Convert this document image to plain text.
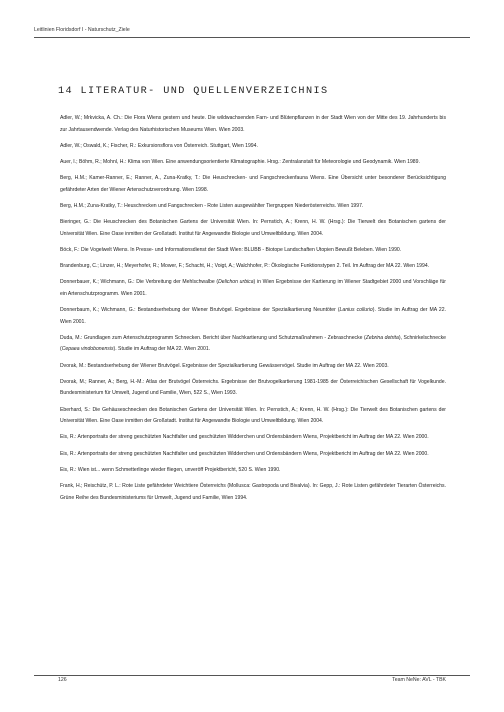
Leitlinien Floridsdorf I - Naturschutz_Ziele
14 LITERATUR- UND QUELLENVERZEICHNIS
Adler, W.; Mrkvicka, A. Ch.: Die Flora Wiens gestern und heute. Die wildwachsenden Farn- und Blütenpflanzen in der Stadt Wien von der Mitte des 19. Jahrhunderts bis zur Jahrtausendwende. Verlag des Naturhistorischen Museums Wien. Wien 2003.
Adler, W.; Oswald, K.; Fischer, R.: Exkursionsflora von Österreich. Stuttgart, Wien 1994.
Auer, I.; Böhm, R.; Mohnl, H.: Klima von Wien. Eine anwendungsorientierte Klimatographie. Hrsg.: Zentralanstalt für Meteorologie und Geodynamik. Wien 1989.
Berg, H.M.; Kamer-Ranner, E.; Ranner, A., Zuna-Kratky, T.: Die Heuschrecken- und Fangschreckenfauna Wiens. Eine Übersicht unter besonderer Berücksichtigung gefährdeter Arten der Wiener Artenschutzverordnung. Wien 1998.
Berg, H.M.; Zuna-Kratky, T.: Heuschrecken und Fangschrecken - Rote Listen ausgewählter Tiergruppen Niederösterreichs. Wien 1997.
Bieringer, G.: Die Heuschrecken des Botanischen Gartens der Universität Wien. In: Pernstich, A.; Krenn, H. W. (Hrsg.): Die Tierwelt des Botanischen gartens der Universität Wien. Eine Oase inmitten der Großstadt. Institut für Angewandte Biologie und Umweltbildung. Wien 2004.
Böck, F.: Die Vogelwelt Wiens. In Presse- und Informationsdienst der Stadt Wien: BLUBB - Biotope Landschaften Utopien Bewußt Beleben. Wien 1990.
Brandenburg, C.; Linzer, H.; Meyerhofer, R.; Mower, F.; Schacht, H.; Voigt, A.; Walchhofer, P.: Ökologische Funktionstypen 2. Teil. Im Auftrag der MA 22. Wien 1994.
Donnerbauer, K.; Wichmann, G.: Die Verbreitung der Mehlschwalbe (Delichon urbica) in Wien Ergebnisse der Kartierung im Wiener Stadtgebiet 2000 und Vorschläge für ein Artenschutzprogramm. Wien 2001.
Donnerbaum, K.; Wichmann, G.: Bestandserhebung der Wiener Brutvögel. Ergebnisse der Spezialkartierung Neuntöter (Lanius collurio). Studie im Auftrag der MA 22. Wien 2001.
Duda, M.: Grundlagen zum Artenschutzprogramm Schnecken. Bericht über Nachkartierung und Schutzmaßnahmen - Zebraschnecke (Zebrina detrita), Schnirkelschnecke (Cepaea vindobonensis). Studie im Auftrag der MA 22. Wien 2001.
Dvorak, M.: Bestandserhebung der Wiener Brutvögel. Ergebnisse der Spezialkartierung Gewässervögel. Studie im Auftrag der MA 22. Wien 2003.
Dvorak, M.; Ranner, A.; Berg, H.-M.: Atlas der Brutvögel Österreichs. Ergebnisse der Brutvogelkartierung 1981-1985 der Österreichischen Gesellschaft für Vogelkunde. Bundesministerium für Umwelt, Jugend und Familie, Wien, 522 S., Wien 1993.
Eberhard, S.: Die Gehäuseschnecken des Botanischen Gartens der Universität Wien. In: Pernstich, A.; Krenn, H. W. (Hrsg.): Die Tierwelt des Botanischen gartens der Universität Wien. Eine Oase inmitten der Großstadt. Institut für Angewandte Biologie und Umweltbildung. Wien 2004.
Eis, R.: Artenportraits der streng geschützten Nachtfalter und geschützten Widderchen und Ordensbändern Wiens, Projektbericht im Auftrag der MA 22. Wien 2000.
Eis, R.: Artenportraits der streng geschützten Nachtfalter und geschützten Widderchen und Ordensbändern Wiens, Projektbericht im Auftrag der MA 22. Wien 2000.
Eis, R.: Wien ist... wenn Schmetterlinge wieder fliegen, unveröff Projektbericht, 520 S. Wien 1990.
Frank, H.; Reischütz, P. L.: Rote Liste gefährdeter Weichtiere Österreichs (Mollusca: Gastropoda und Bivalvia). In: Gepp, J.: Rote Listen gefährdeter Tierarten Österreichs. Grüne Reihe des Bundesministeriums für Umwelt, Jugend und Familie, Wien 1994.
126	Team NeNe: AVL - TBK
